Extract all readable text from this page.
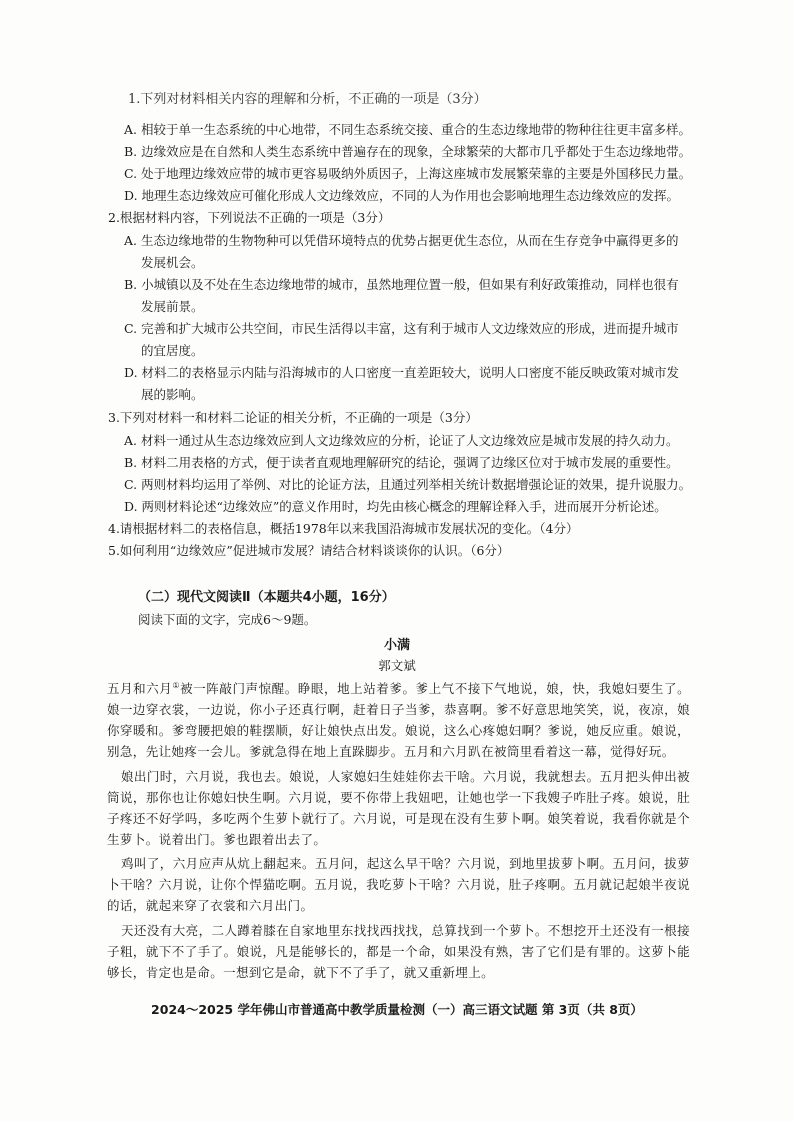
1.下列对材料相关内容的理解和分析，不正确的一项是（3分）
A. 相较于单一生态系统的中心地带，不同生态系统交接、重合的生态边缘地带的物种往往更丰富多样。
B. 边缘效应是在自然和人类生态系统中普遍存在的现象，全球繁荣的大都市几乎都处于生态边缘地带。
C. 处于地理边缘效应带的城市更容易吸纳外质因子，上海这座城市发展繁荣靠的主要是外国移民力量。
D. 地理生态边缘效应可催化形成人文边缘效应，不同的人为作用也会影响地理生态边缘效应的发挥。
2.根据材料内容，下列说法不正确的一项是（3分）
A. 生态边缘地带的生物物种可以凭借环境特点的优势占据更优生态位，从而在生存竞争中赢得更多的
发展机会。
B. 小城镇以及不处在生态边缘地带的城市，虽然地理位置一般，但如果有利好政策推动，同样也很有
发展前景。
C. 完善和扩大城市公共空间，市民生活得以丰富，这有利于城市人文边缘效应的形成，进而提升城市
的宜居度。
D. 材料二的表格显示内陆与沿海城市的人口密度一直差距较大，说明人口密度不能反映政策对城市发
展的影响。
3.下列对材料一和材料二论证的相关分析，不正确的一项是（3分）
A. 材料一通过从生态边缘效应到人文边缘效应的分析，论证了人文边缘效应是城市发展的持久动力。
B. 材料二用表格的方式，便于读者直观地理解研究的结论，强调了边缘区位对于城市发展的重要性。
C. 两则材料均运用了举例、对比的论证方法，且通过列举相关统计数据增强论证的效果，提升说服力。
D. 两则材料论述“边缘效应”的意义作用时，均先由核心概念的理解诠释入手，进而展开分析论述。
4.请根据材料二的表格信息，概括1978年以来我国沿海城市发展状况的变化。（4分）
5.如何利用“边缘效应”促进城市发展？请结合材料谈谈你的认识。（6分）
（二）现代文阅读Ⅱ（本题共4小题，16分）
阅读下面的文字，完成6～9题。
小满
郭文斌
五月和六月①被一阵敲门声惊醒。睁眼，地上站着爹。爹上气不接下气地说，娘，快，我媳妇要生了。娘一边穿衣裳，一边说，你小子还真行啊，赶着日子当爹，恭喜啊。爹不好意思地笑笑，说，夜凉，娘你穿暖和。爹弯腰把娘的鞋摆顺，好让娘快点出发。娘说，这么心疼媳妇啊？爹说，她反应重。娘说，别急，先让她疼一会儿。爹就急得在地上直跺脚步。五月和六月趴在被筒里看着这一幕，觉得好玩。
娘出门时，六月说，我也去。娘说，人家媳妇生娃娃你去干啥。六月说，我就想去。五月把头伸出被筒说，那你也让你媳妇快生啊。六月说，要不你带上我妞吧，让她也学一下我嫂子咋肚子疼。娘说，肚子疼还不好学吗，多吃两个生萝卜就行了。六月说，可是现在没有生萝卜啊。娘笑着说，我看你就是个生萝卜。说着出门。爹也跟着出去了。
鸡叫了，六月应声从炕上翻起来。五月问，起这么早干啥？六月说，到地里拔萝卜啊。五月问，拔萝卜干啥？六月说，让你个悍猫吃啊。五月说，我吃萝卜干啥？六月说，肚子疼啊。五月就记起娘半夜说的话，就起来穿了衣裳和六月出门。
天还没有大亮，二人蹲着膝在自家地里东找找西找找，总算找到一个萝卜。不想挖开土还没有一根接子粗，就下不了手了。娘说，凡是能够长的，都是一个命，如果没有熟，害了它们是有罪的。这萝卜能够长，肯定也是命。一想到它是命，就下不了手了，就又重新埋上。
2024～2025 学年佛山市普通高中教学质量检测（一）高三语文试题 第 3页（共 8页）
